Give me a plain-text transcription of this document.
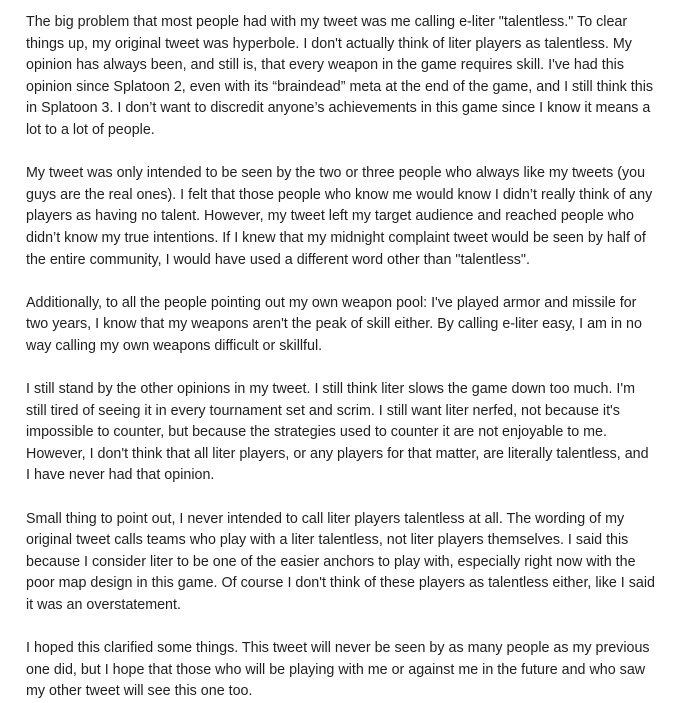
The big problem that most people had with my tweet was me calling e-liter "talentless." To clear things up, my original tweet was hyperbole. I don't actually think of liter players as talentless. My opinion has always been, and still is, that every weapon in the game requires skill. I've had this opinion since Splatoon 2, even with its “braindead” meta at the end of the game, and I still think this in Splatoon 3. I don’t want to discredit anyone’s achievements in this game since I know it means a lot to a lot of people.

My tweet was only intended to be seen by the two or three people who always like my tweets (you guys are the real ones). I felt that those people who know me would know I didn’t really think of any players as having no talent. However, my tweet left my target audience and reached people who didn’t know my true intentions. If I knew that my midnight complaint tweet would be seen by half of the entire community, I would have used a different word other than "talentless".

Additionally, to all the people pointing out my own weapon pool: I've played armor and missile for two years, I know that my weapons aren't the peak of skill either. By calling e-liter easy, I am in no way calling my own weapons difficult or skillful.

I still stand by the other opinions in my tweet. I still think liter slows the game down too much. I'm still tired of seeing it in every tournament set and scrim. I still want liter nerfed, not because it's impossible to counter, but because the strategies used to counter it are not enjoyable to me. However, I don't think that all liter players, or any players for that matter, are literally talentless, and I have never had that opinion.

Small thing to point out, I never intended to call liter players talentless at all. The wording of my original tweet calls teams who play with a liter talentless, not liter players themselves. I said this because I consider liter to be one of the easier anchors to play with, especially right now with the poor map design in this game. Of course I don't think of these players as talentless either, like I said it was an overstatement.

I hoped this clarified some things. This tweet will never be seen by as many people as my previous one did, but I hope that those who will be playing with me or against me in the future and who saw my other tweet will see this one too.
